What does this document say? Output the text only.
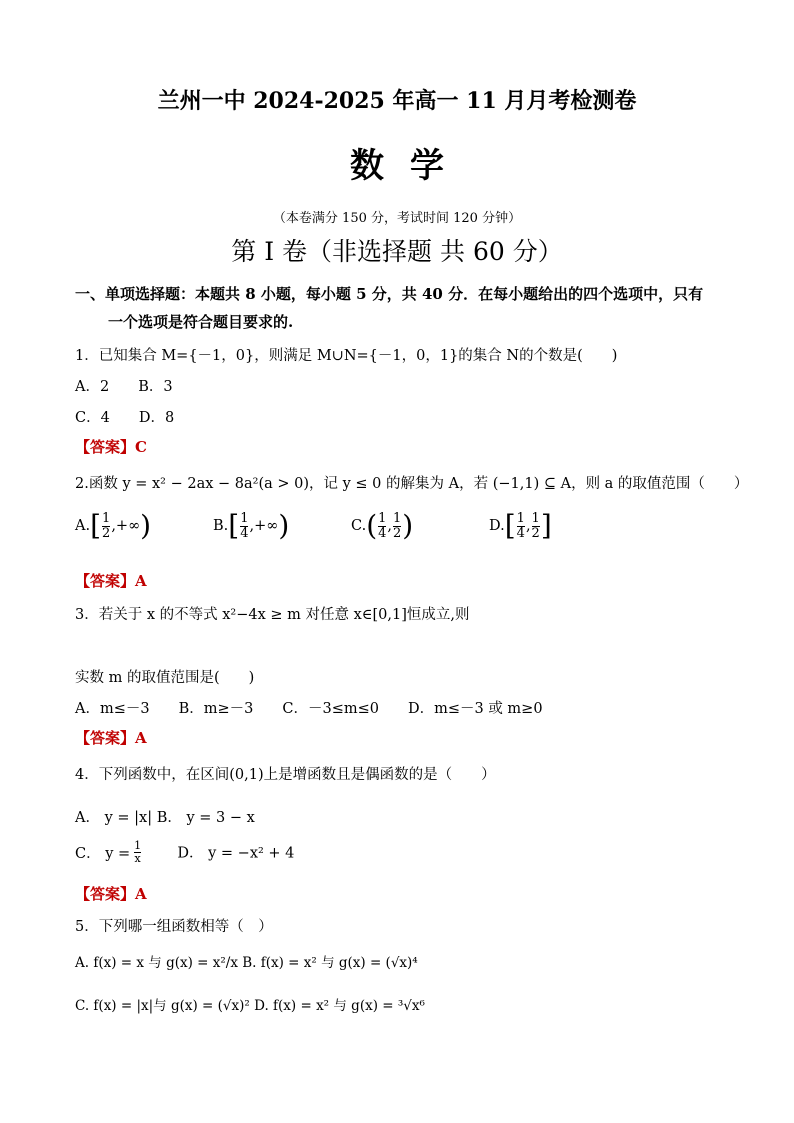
兰州一中 2024-2025 年高一 11 月月考检测卷
数学
（本卷满分 150 分，考试时间 120 分钟）
第 I 卷（非选择题 共 60 分）
一、单项选择题：本题共 8 小题，每小题 5 分，共 40 分．在每小题给出的四个选项中，只有
一个选项是符合题目要求的.
1．已知集合 M={－1，0}，则满足 M∪N={－1，0，1}的集合 N的个数是(　　)
A．2　　B．3
C．4　　D．8
【答案】C
2.函数 y = x² − 2ax − 8a²(a > 0)，记 y ≤ 0 的解集为 A，若 (−1,1) ⊆ A，则 a 的取值范围（　　）
A. [ $\frac{1}{2}$ ,+∞ )	B. [ $\frac{1}{4}$ ,+∞ )	C. ( $\frac{1}{4}$ , $\frac{1}{2}$ )	D. [ $\frac{1}{4}$ , $\frac{1}{2}$ ]
【答案】A
3．若关于 x 的不等式 x²−4x ≥ m 对任意 x∈[0,1]恒成立,则
实数 m 的取值范围是(　　)
A．m≤－3　　B．m≥－3　　C．－3≤m≤0　　D．m≤－3 或 m≥0
【答案】A
4．下列函数中，在区间(0,1)上是增函数且是偶函数的是（　　）
A． y = |x| B． y = 3 − x
C． $y = \frac{1}{x}$ D． y = −x² + 4
【答案】A
5．下列哪一组函数相等（　）
A. f(x) = x 与 g(x) = x²/x B. f(x) = x² 与 g(x) = (√x)⁴
C. f(x) = |x|与 g(x) = (√x)² D. f(x) = x² 与 g(x) = ³√x⁶
